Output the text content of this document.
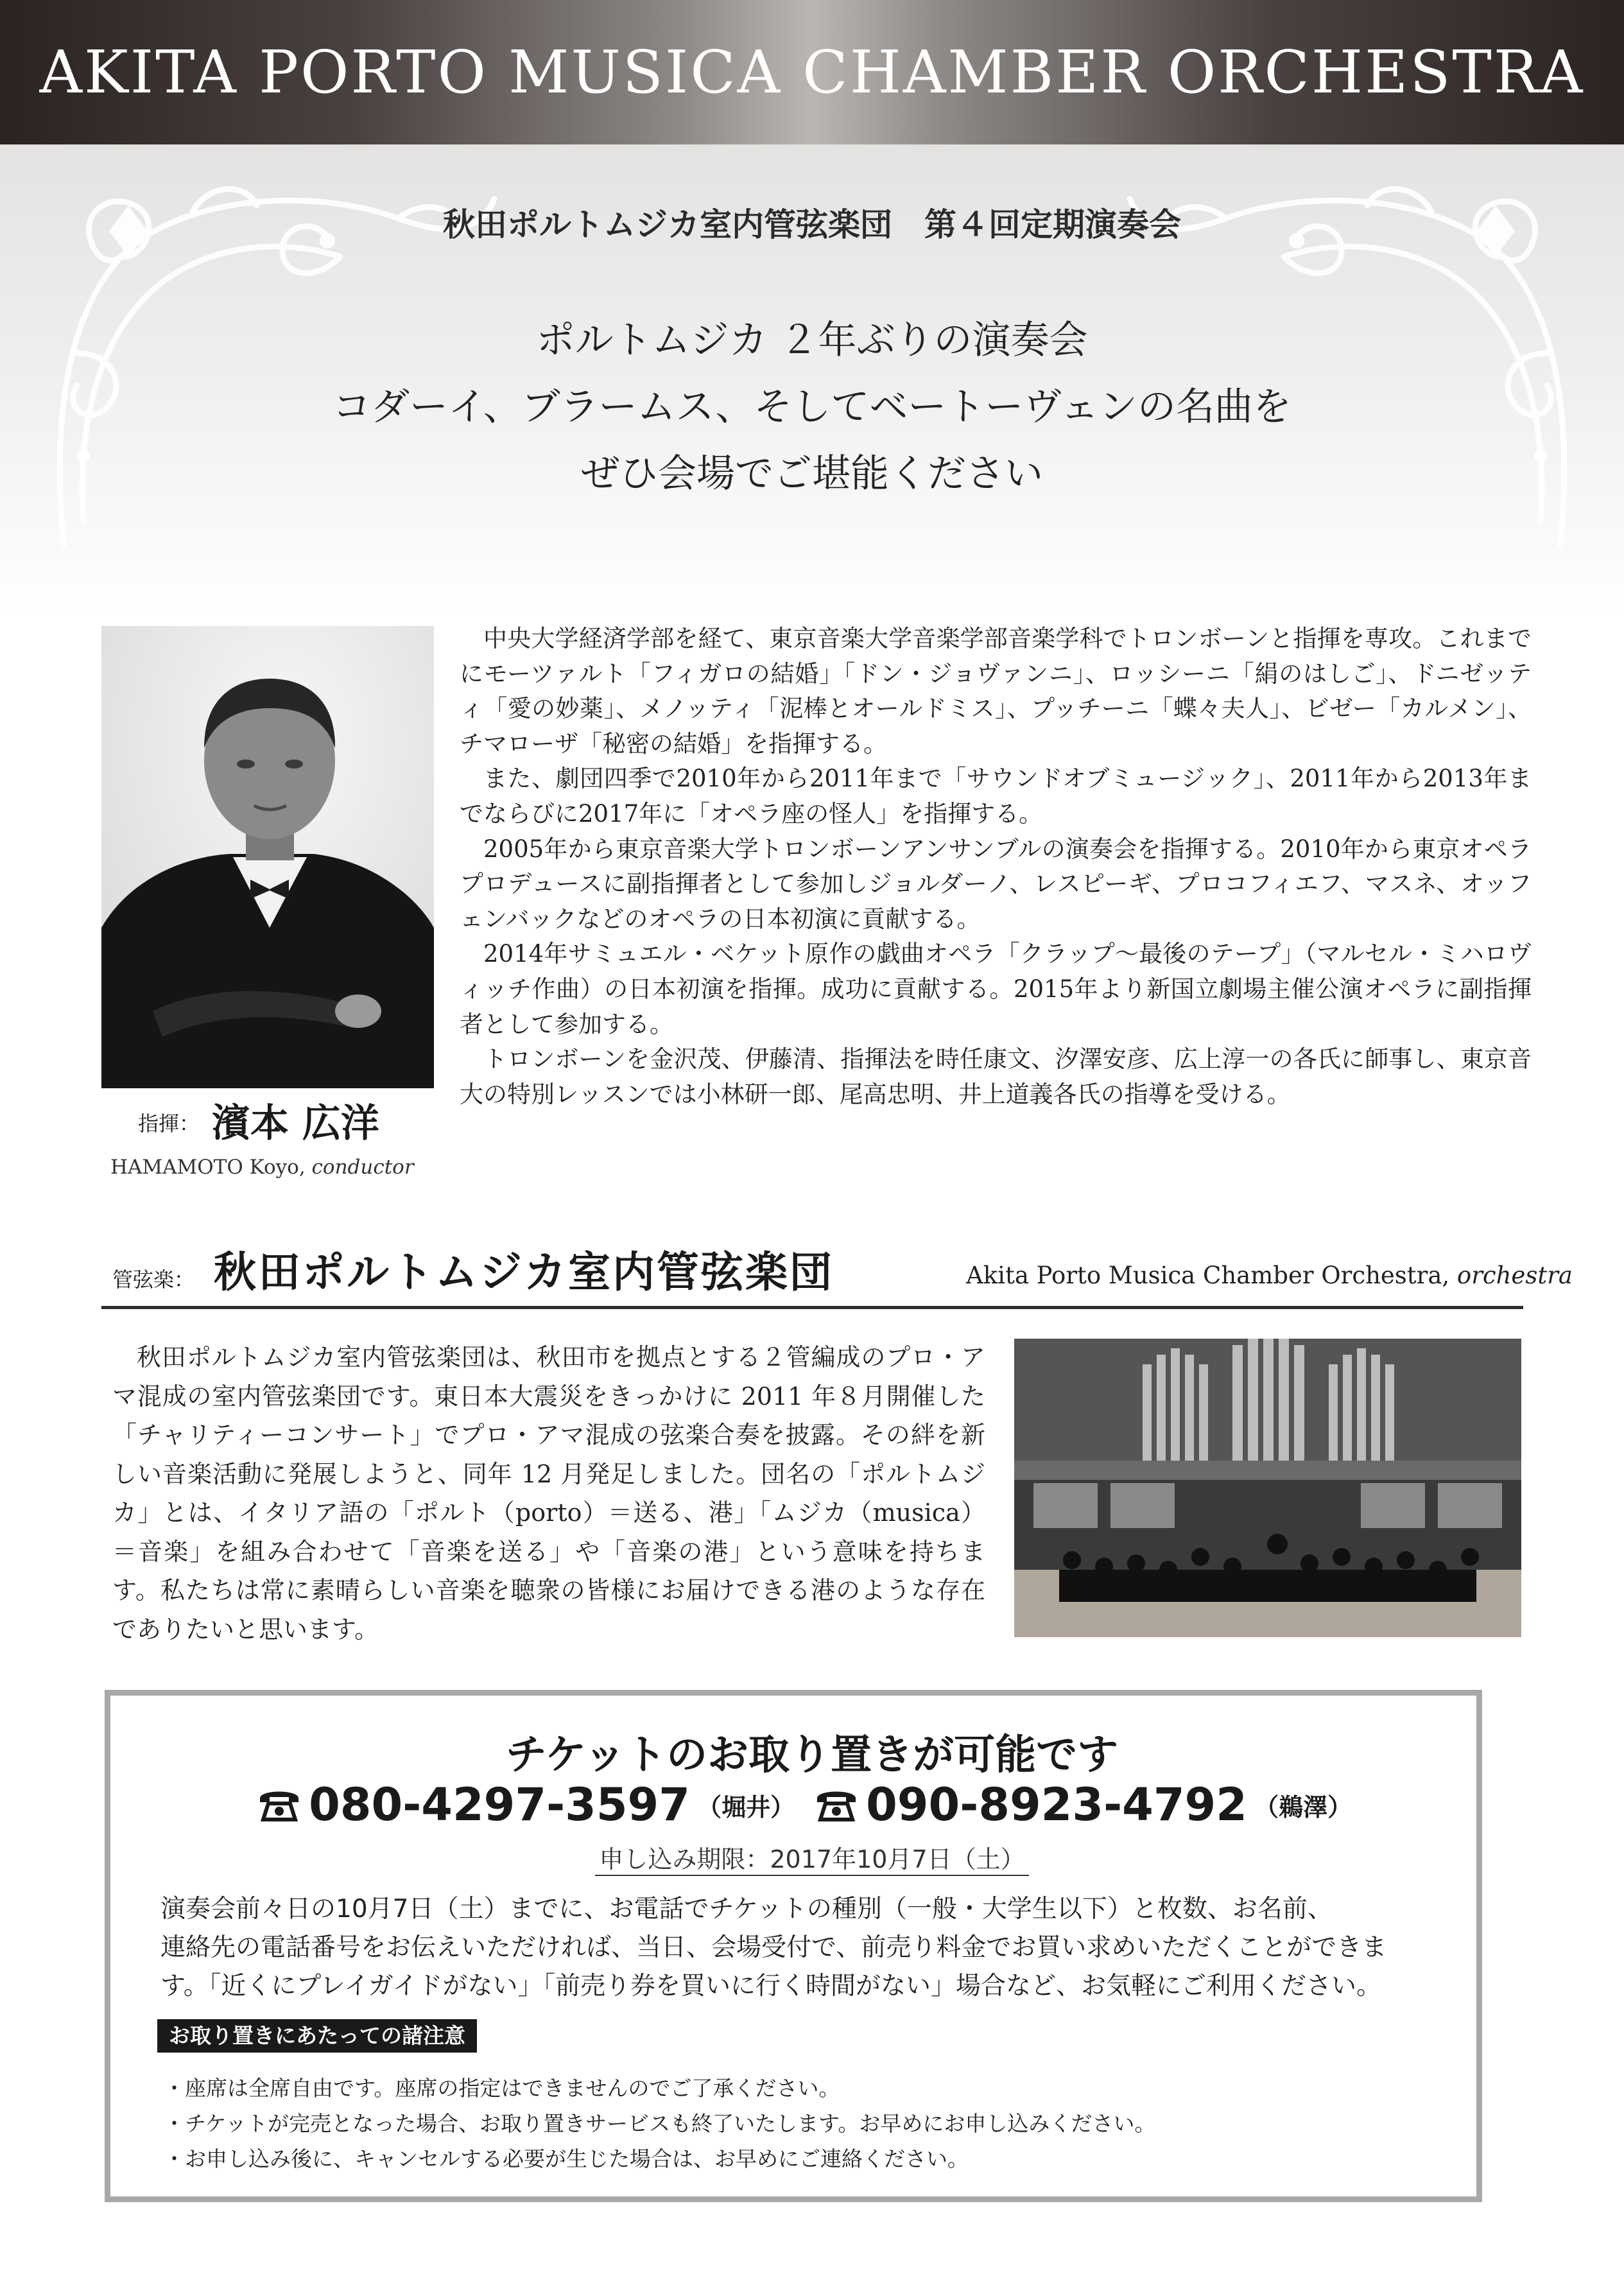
AKITA PORTO MUSICA CHAMBER ORCHESTRA
秋田ポルトムジカ室内管弦楽団　第４回定期演奏会
ポルトムジカ ２年ぶりの演奏会
コダーイ、ブラームス、そしてベートーヴェンの名曲を
ぜひ会場でご堪能ください
指揮： 濱本 広洋
HAMAMOTO Koyo, conductor

中央大学経済学部を経て、東京音楽大学音楽学部音楽学科でトロンボーンと指揮を専攻。これまでにモーツァルト「フィガロの結婚」「ドン・ジョヴァンニ」、ロッシーニ「絹のはしご」、ドニゼッティ「愛の妙薬」、メノッティ「泥棒とオールドミス」、プッチーニ「蝶々夫人」、ビゼー「カルメン」、チマローザ「秘密の結婚」を指揮する。

また、劇団四季で2010年から2011年まで「サウンドオブミュージック」、2011年から2013年までならびに2017年に「オペラ座の怪人」を指揮する。

2005年から東京音楽大学トロンボーンアンサンブルの演奏会を指揮する。2010年から東京オペラプロデュースに副指揮者として参加しジョルダーノ、レスピーギ、プロコフィエフ、マスネ、オッフェンバックなどのオペラの日本初演に貢献する。

2014年サミュエル・ベケット原作の戯曲オペラ「クラップ〜最後のテープ」（マルセル・ミハロヴィッチ作曲）の日本初演を指揮。成功に貢献する。2015年より新国立劇場主催公演オペラに副指揮者として参加する。

トロンボーンを金沢茂、伊藤清、指揮法を時任康文、汐澤安彦、広上淳一の各氏に師事し、東京音大の特別レッスンでは小林研一郎、尾高忠明、井上道義各氏の指導を受ける。

管弦楽： 秋田ポルトムジカ室内管弦楽団	Akita Porto Musica Chamber Orchestra, orchestra

秋田ポルトムジカ室内管弦楽団は、秋田市を拠点とする２管編成のプロ・アマ混成の室内管弦楽団です。東日本大震災をきっかけに 2011 年８月開催した「チャリティーコンサート」でプロ・アマ混成の弦楽合奏を披露。その絆を新しい音楽活動に発展しようと、同年 12 月発足しました。団名の「ポルトムジカ」とは、イタリア語の「ポルト（porto）＝送る、港」「ムジカ（musica）＝音楽」を組み合わせて「音楽を送る」や「音楽の港」という意味を持ちます。私たちは常に素晴らしい音楽を聴衆の皆様にお届けできる港のような存在でありたいと思います。

チケットのお取り置きが可能です
080-4297-3597 （堀井）	090-8923-4792 （鵜澤）
申し込み期限：2017年10月7日（土）

演奏会前々日の10月7日（土）までに、お電話でチケットの種別（一般・大学生以下）と枚数、お名前、

連絡先の電話番号をお伝えいただければ、当日、会場受付で、前売り料金でお買い求めいただくことができま

す。「近くにプレイガイドがない」「前売り券を買いに行く時間がない」場合など、お気軽にご利用ください。

お取り置きにあたっての諸注意
・座席は全席自由です。座席の指定はできませんのでご了承ください。
・チケットが完売となった場合、お取り置きサービスも終了いたします。お早めにお申し込みください。
・お申し込み後に、キャンセルする必要が生じた場合は、お早めにご連絡ください。
